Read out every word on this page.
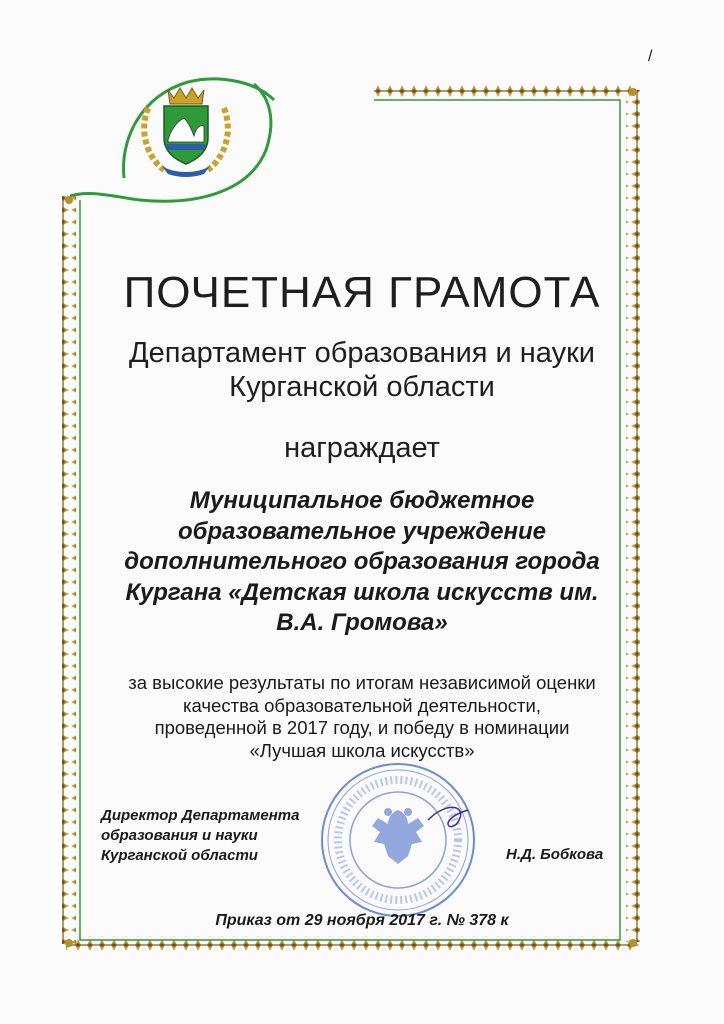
/
ПОЧЕТНАЯ ГРАМОТА
Департамент образования и науки
Курганской области
награждает
Муниципальное бюджетное
образовательное учреждение
дополнительного образования города
Кургана «Детская школа искусств им.
В.А. Громова»
за высокие результаты по итогам независимой оценки
качества образовательной деятельности,
проведенной в 2017 году, и победу в номинации
«Лучшая школа искусств»
Директор Департамента
образования и науки
Курганской области	Н.Д. Бобкова
Приказ от 29 ноября 2017 г. № 378 к
